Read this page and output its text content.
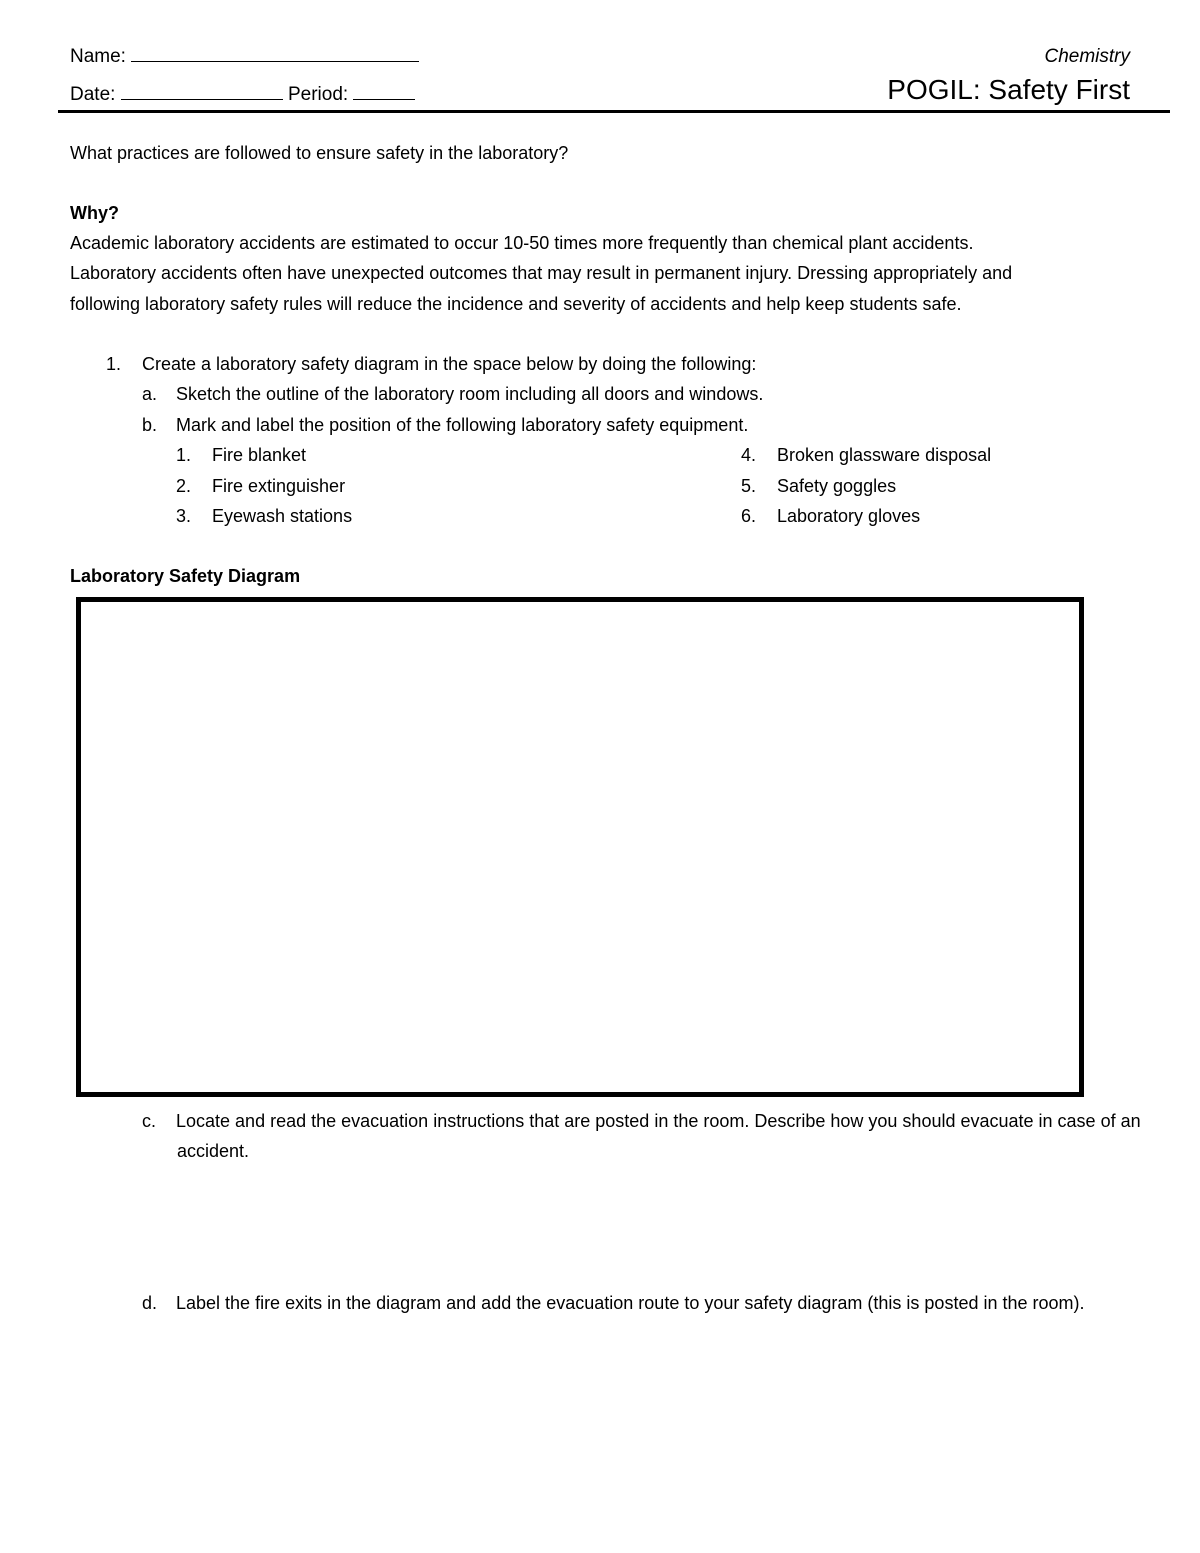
Name:
Date:	Period:
Chemistry
POGIL: Safety First
What practices are followed to ensure safety in the laboratory?
Why?
Academic laboratory accidents are estimated to occur 10-50 times more frequently than chemical plant accidents.
Laboratory accidents often have unexpected outcomes that may result in permanent injury. Dressing appropriately and
following laboratory safety rules will reduce the incidence and severity of accidents and help keep students safe.
1. Create a laboratory safety diagram in the space below by doing the following:
a. Sketch the outline of the laboratory room including all doors and windows.
b. Mark and label the position of the following laboratory safety equipment.
1. Fire blanket
2. Fire extinguisher
3. Eyewash stations
4. Broken glassware disposal
5. Safety goggles
6. Laboratory gloves
Laboratory Safety Diagram
c. Locate and read the evacuation instructions that are posted in the room. Describe how you should evacuate in case of an accident.
d. Label the fire exits in the diagram and add the evacuation route to your safety diagram (this is posted in the room).
